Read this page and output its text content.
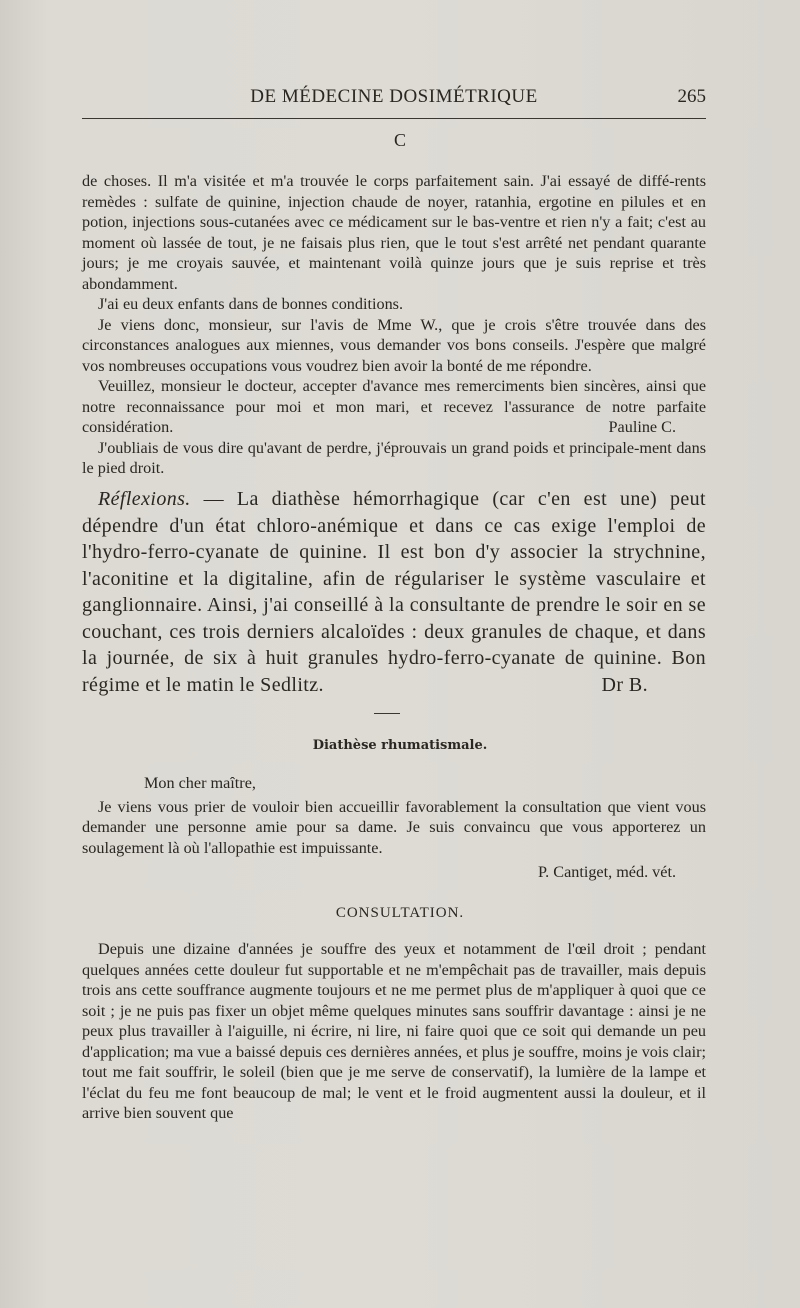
DE MÉDECINE DOSIMÉTRIQUE	265
C

de choses. Il m'a visitée et m'a trouvée le corps parfaitement sain. J'ai essayé de diffé-rents remèdes : sulfate de quinine, injection chaude de noyer, ratanhia, ergotine en pilules et en potion, injections sous-cutanées avec ce médicament sur le bas-ventre et rien n'y a fait; c'est au moment où lassée de tout, je ne faisais plus rien, que le tout s'est arrêté net pendant quarante jours; je me croyais sauvée, et maintenant voilà quinze jours que je suis reprise et très abondamment.

J'ai eu deux enfants dans de bonnes conditions.

Je viens donc, monsieur, sur l'avis de Mme W., que je crois s'être trouvée dans des circonstances analogues aux miennes, vous demander vos bons conseils. J'espère que malgré vos nombreuses occupations vous voudrez bien avoir la bonté de me répondre.

Veuillez, monsieur le docteur, accepter d'avance mes remerciments bien sincères, ainsi que notre reconnaissance pour moi et mon mari, et recevez l'assurance de notre parfaite considération.	Pauline C.

J'oubliais de vous dire qu'avant de perdre, j'éprouvais un grand poids et principale-ment dans le pied droit.

Réflexions. — La diathèse hémorrhagique (car c'en est une) peut dépendre d'un état chloro-anémique et dans ce cas exige l'emploi de l'hydro-ferro-cyanate de quinine. Il est bon d'y associer la strychnine, l'aconitine et la digitaline, afin de régulariser le système vasculaire et ganglionnaire. Ainsi, j'ai conseillé à la consultante de prendre le soir en se couchant, ces trois derniers alcaloïdes : deux granules de chaque, et dans la journée, de six à huit granules hydro-ferro-cyanate de quinine. Bon régime et le matin le Sedlitz.	Dr B.
Diathèse rhumatismale.

Mon cher maître,

Je viens vous prier de vouloir bien accueillir favorablement la consultation que vient vous demander une personne amie pour sa dame. Je suis convaincu que vous apporterez un soulagement là où l'allopathie est impuissante.

P. Cantiget, méd. vét.
CONSULTATION.

Depuis une dizaine d'années je souffre des yeux et notamment de l'œil droit ; pendant quelques années cette douleur fut supportable et ne m'empêchait pas de travailler, mais depuis trois ans cette souffrance augmente toujours et ne me permet plus de m'appliquer à quoi que ce soit ; je ne puis pas fixer un objet même quelques minutes sans souffrir davantage : ainsi je ne peux plus travailler à l'aiguille, ni écrire, ni lire, ni faire quoi que ce soit qui demande un peu d'application; ma vue a baissé depuis ces dernières années, et plus je souffre, moins je vois clair; tout me fait souffrir, le soleil (bien que je me serve de conservatif), la lumière de la lampe et l'éclat du feu me font beaucoup de mal; le vent et le froid augmentent aussi la douleur, et il arrive bien souvent que
